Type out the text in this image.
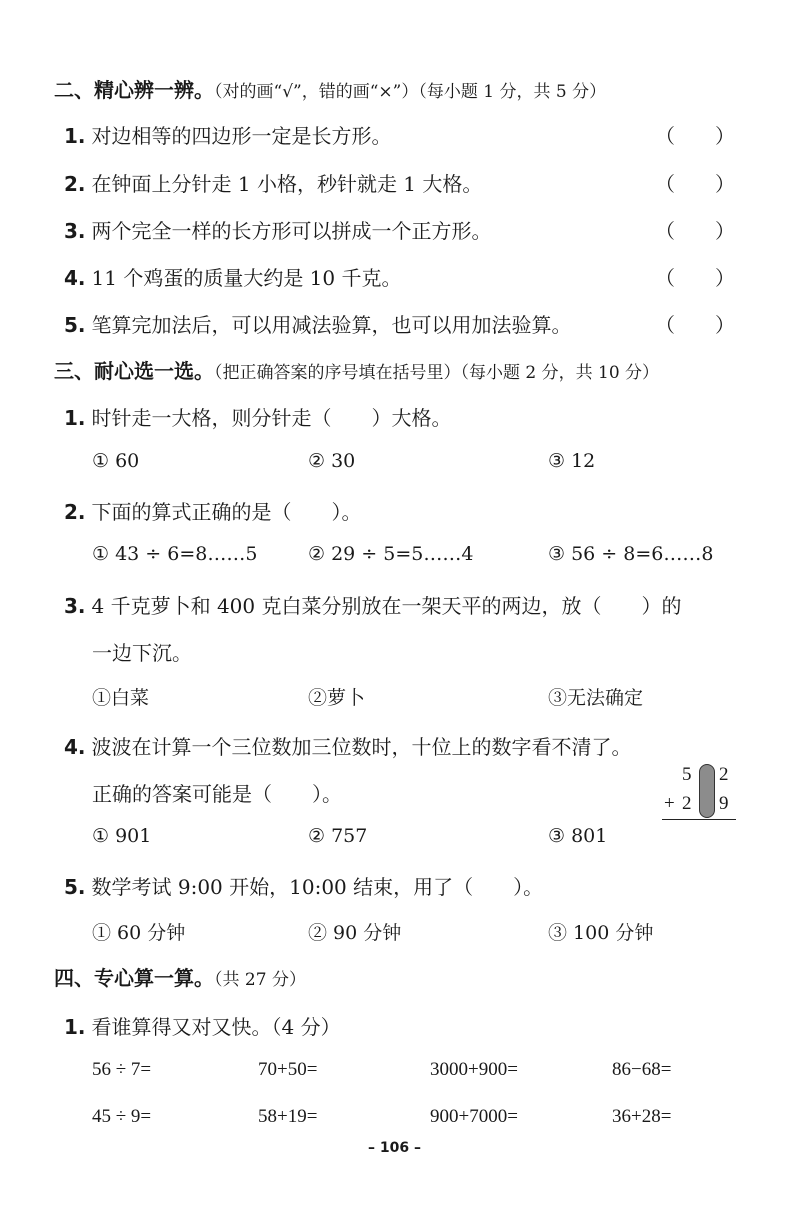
二、精心辨一辨。（对的画“√”，错的画“×”）（每小题 1 分，共 5 分）
1. 对边相等的四边形一定是长方形。	（　　）
2. 在钟面上分针走 1 小格，秒针就走 1 大格。	（　　）
3. 两个完全一样的长方形可以拼成一个正方形。	（　　）
4. 11 个鸡蛋的质量大约是 10 千克。	（　　）
5. 笔算完加法后，可以用减法验算，也可以用加法验算。	（　　）
三、耐心选一选。（把正确答案的序号填在括号里）（每小题 2 分，共 10 分）
1. 时针走一大格，则分针走（　　）大格。
① 60	② 30	③ 12
2. 下面的算式正确的是（　　）。
① 43 ÷ 6=8……5	② 29 ÷ 5=5……4	③ 56 ÷ 8=6……8
3. 4 千克萝卜和 400 克白菜分别放在一架天平的两边，放（　　）的
一边下沉。
①白菜	②萝卜	③无法确定
4. 波波在计算一个三位数加三位数时，十位上的数字看不清了。
正确的答案可能是（　　）。
5 2
+ 2 9
① 901	② 757	③ 801
5. 数学考试 9:00 开始，10:00 结束，用了（　　）。
① 60 分钟	② 90 分钟	③ 100 分钟
四、专心算一算。（共 27 分）
1. 看谁算得又对又快。（4 分）
56 ÷ 7=	70+50=	3000+900=	86−68=
45 ÷ 9=	58+19=	900+7000=	36+28=
– 106 –
